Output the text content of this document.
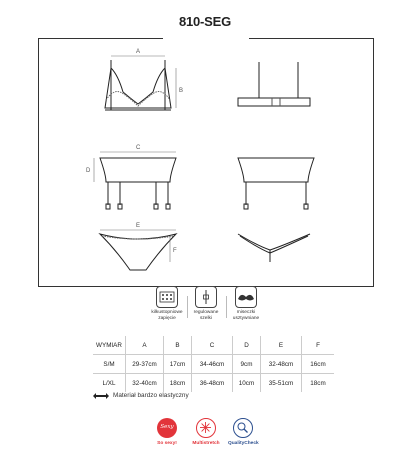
810-SEG
A
B
C
D
E
F
kilkustopniowe
zapięcie
regulowane
szelki
miseczki
usztywniane
WYMIAR	A	B	C	D	E	F
S/M	29-37cm	17cm	34-46cm	9cm	32-48cm	16cm
L/XL	32-40cm	18cm	36-48cm	10cm	35-51cm	18cm
Materiał bardzo elastyczny
Sexy
So sexy!	Multistretch QualityCheck
